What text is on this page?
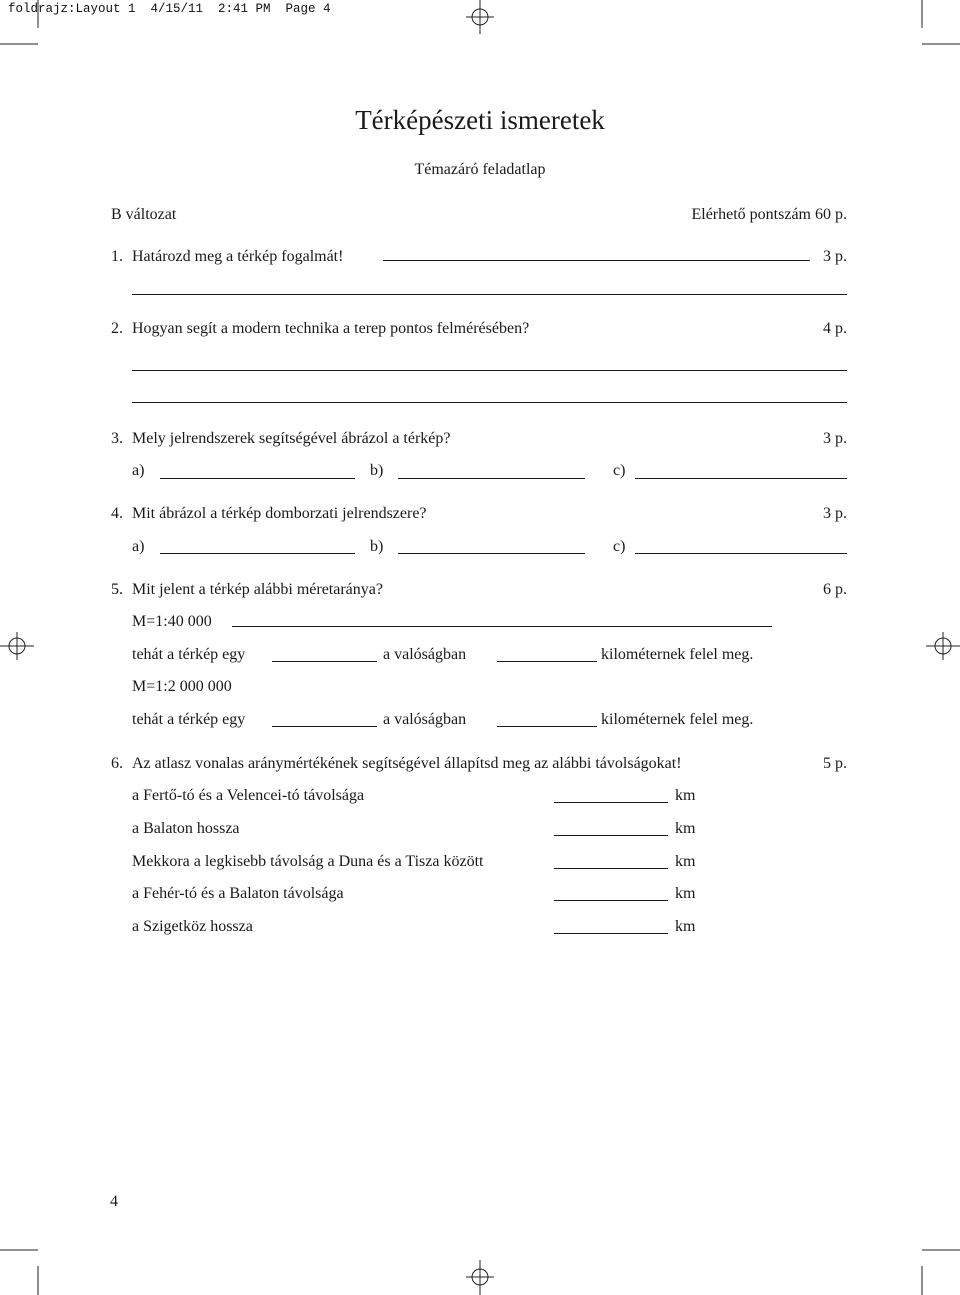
foldrajz:Layout 1  4/15/11  2:41 PM  Page 4
Térképészeti ismeretek
Témazáró feladatlap
B változat	Elérhető pontszám 60 p.
1. Határozd meg a térkép fogalmát!	3 p.
2. Hogyan segít a modern technika a terep pontos felmérésében?	4 p.
3. Mely jelrendszerek segítségével ábrázol a térkép?	3 p.
a)	b)	c)
4. Mit ábrázol a térkép domborzati jelrendszere?	3 p.
a)	b)	c)
5. Mit jelent a térkép alábbi méretaránya?	6 p.
M=1:40 000
tehát a térkép egy	a valóságban	kilométernek felel meg.
M=1:2 000 000
tehát a térkép egy	a valóságban	kilométernek felel meg.
6. Az atlasz vonalas aránymértékének segítségével állapítsd meg az alábbi távolságokat!	5 p.
a Fertő-tó és a Velencei-tó távolsága	km
a Balaton hossza	km
Mekkora a legkisebb távolság a Duna és a Tisza között	km
a Fehér-tó és a Balaton távolsága	km
a Szigetköz hossza	km
4
